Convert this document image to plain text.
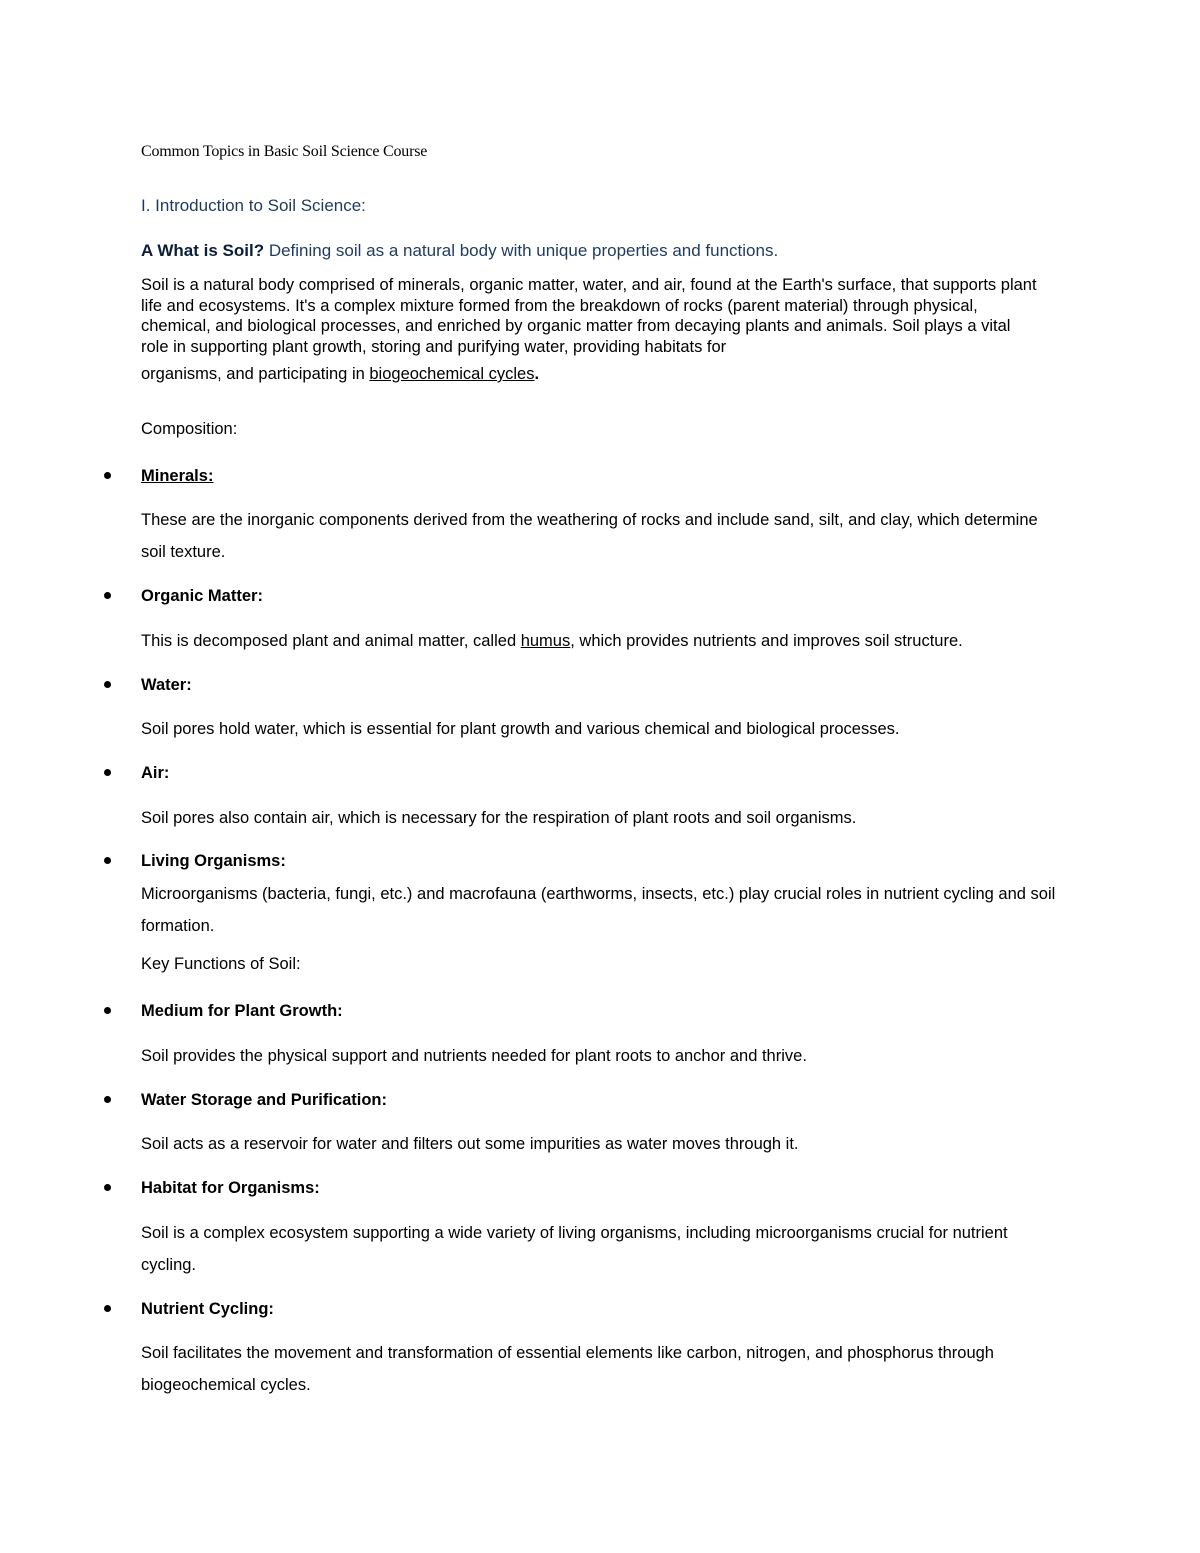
Common Topics in Basic Soil Science Course
I. Introduction to Soil Science:
A What is Soil? Defining soil as a natural body with unique properties and functions.
Soil is a natural body comprised of minerals, organic matter, water, and air, found at the Earth's surface, that supports plant life and ecosystems. It's a complex mixture formed from the breakdown of rocks (parent material) through physical, chemical, and biological processes, and enriched by organic matter from decaying plants and animals. Soil plays a vital role in supporting plant growth, storing and purifying water, providing habitats for
organisms, and participating in biogeochemical cycles.
Composition:
Minerals:
These are the inorganic components derived from the weathering of rocks and include sand, silt, and clay, which determine soil texture.
Organic Matter:
This is decomposed plant and animal matter, called humus, which provides nutrients and improves soil structure.
Water:
Soil pores hold water, which is essential for plant growth and various chemical and biological processes.
Air:
Soil pores also contain air, which is necessary for the respiration of plant roots and soil organisms.
Living Organisms:
Microorganisms (bacteria, fungi, etc.) and macrofauna (earthworms, insects, etc.) play crucial roles in nutrient cycling and soil formation.
Key Functions of Soil:
Medium for Plant Growth:
Soil provides the physical support and nutrients needed for plant roots to anchor and thrive.
Water Storage and Purification:
Soil acts as a reservoir for water and filters out some impurities as water moves through it.
Habitat for Organisms:
Soil is a complex ecosystem supporting a wide variety of living organisms, including microorganisms crucial for nutrient cycling.
Nutrient Cycling:
Soil facilitates the movement and transformation of essential elements like carbon, nitrogen, and phosphorus through biogeochemical cycles.
